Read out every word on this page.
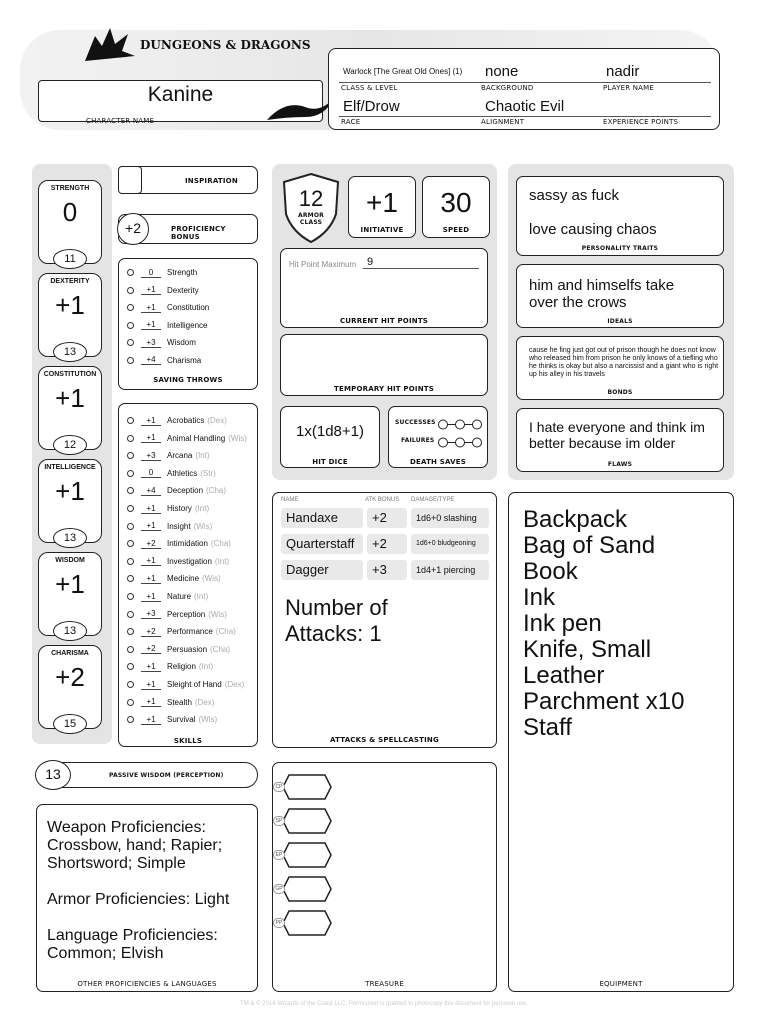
DUNGEONS & DRAGONS
Kanine
CHARACTER NAME
Warlock [The Great Old Ones] (1) none	nadir
CLASS & LEVEL	BACKGROUND	PLAYER NAME
Elf/Drow	Chaotic Evil
RACE	ALIGNMENT	EXPERIENCE POINTS
STRENGTH
0
11
DEXTERITY
+1
13
CONSTITUTION
+1
12
INTELLIGENCE
+1
13
WISDOM
+1
13
CHARISMA
+2
15
INSPIRATION
+2	PROFICIENCY BONUS
0	Strength
+1	Dexterity
+1	Constitution
+1	Intelligence
+3	Wisdom
+4	Charisma
SAVING THROWS
+1	Acrobatics (Dex)
+1	Animal Handling (Wis)
+3	Arcana (Int)
0	Athletics (Str)
+4	Deception (Cha)
+1	History (Int)
+1	Insight (Wis)
+2	Intimidation (Cha)
+1	Investigation (Int)
+1	Medicine (Wis)
+1	Nature (Int)
+3	Perception (Wis)
+2	Performance (Cha)
+2	Persuasion (Cha)
+1	Religion (Int)
+1	Sleight of Hand (Dex)
+1	Stealth (Dex)
+1	Survival (Wis)
SKILLS
13	PASSIVE WISDOM (PERCEPTION)
Weapon Proficiencies: Crossbow, hand; Rapier; Shortsword; Simple
Armor Proficiencies: Light
Language Proficiencies: Common; Elvish
OTHER PROFICIENCIES & LANGUAGES
12
ARMOR CLASS
+1
INITIATIVE
30
SPEED
Hit Point Maximum 9
CURRENT HIT POINTS
TEMPORARY HIT POINTS
1x(1d8+1)
HIT DICE
SUCCESSES
FAILURES
DEATH SAVES
NAME	ATK BONUS DAMAGE/TYPE
Handaxe	+2	1d6+0 slashing
Quarterstaff	+2	1d6+0 bludgeoning
Dagger	+3	1d4+1 piercing
Number of Attacks: 1
ATTACKS & SPELLCASTING
CP
SP
EP
GP
PP
TREASURE
sassy as fuck

love causing chaos
PERSONALITY TRAITS
him and himselfs take over the crows
IDEALS
cause he fing just got out of prison though he does not know who released him from prison he only knows of a tiefling who he thinks is okay but also a narcissist and a giant who is right up his alley in his travels
BONDS
I hate everyone and think im better because im older
FLAWS
Backpack
Bag of Sand
Book
Ink
Ink pen
Knife, Small
Leather
Parchment x10
Staff
EQUIPMENT
TM & © 2014 Wizards of the Coast LLC. Permission is granted to photocopy this document for personal use.
